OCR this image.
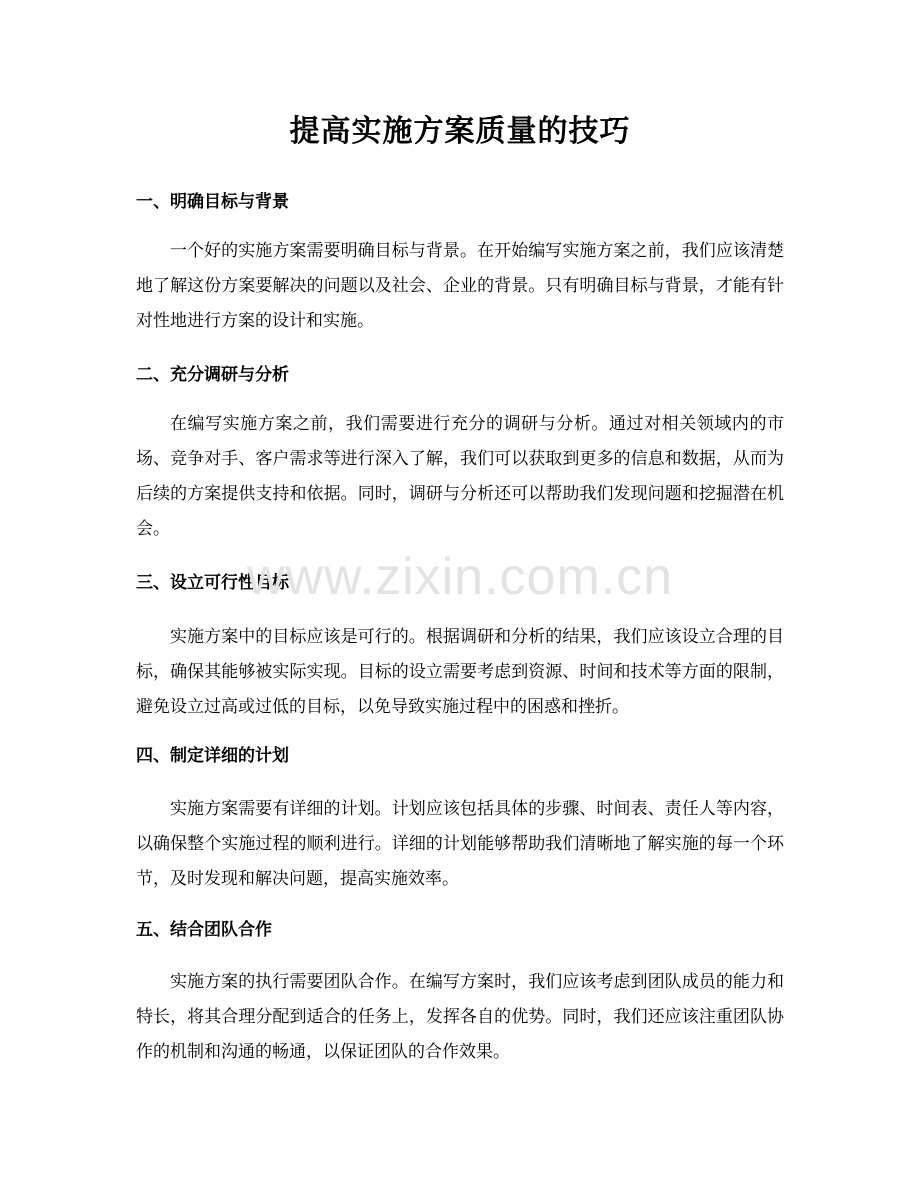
提高实施方案质量的技巧
一、明确目标与背景

一个好的实施方案需要明确目标与背景。在开始编写实施方案之前，我们应该清楚地了解这份方案要解决的问题以及社会、企业的背景。只有明确目标与背景，才能有针对性地进行方案的设计和实施。

二、充分调研与分析

在编写实施方案之前，我们需要进行充分的调研与分析。通过对相关领域内的市场、竞争对手、客户需求等进行深入了解，我们可以获取到更多的信息和数据，从而为后续的方案提供支持和依据。同时，调研与分析还可以帮助我们发现问题和挖掘潜在机会。

三、设立可行性目标

实施方案中的目标应该是可行的。根据调研和分析的结果，我们应该设立合理的目标，确保其能够被实际实现。目标的设立需要考虑到资源、时间和技术等方面的限制，避免设立过高或过低的目标，以免导致实施过程中的困惑和挫折。

四、制定详细的计划

实施方案需要有详细的计划。计划应该包括具体的步骤、时间表、责任人等内容，以确保整个实施过程的顺利进行。详细的计划能够帮助我们清晰地了解实施的每一个环节，及时发现和解决问题，提高实施效率。

五、结合团队合作

实施方案的执行需要团队合作。在编写方案时，我们应该考虑到团队成员的能力和特长，将其合理分配到适合的任务上，发挥各自的优势。同时，我们还应该注重团队协作的机制和沟通的畅通，以保证团队的合作效果。

www.zixin.com.cn
